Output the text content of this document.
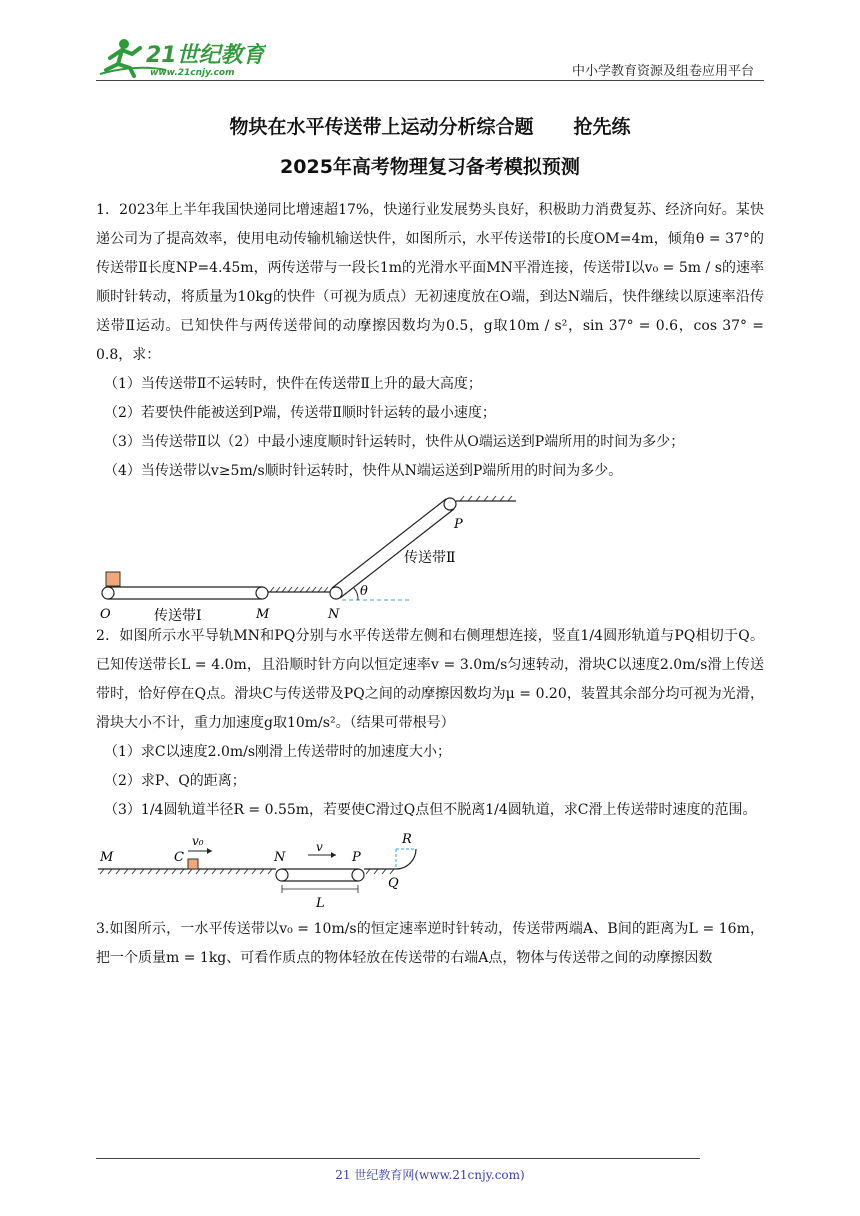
21世纪教育
www.21cnjy.com	中小学教育资源及组卷应用平台
物块在水平传送带上运动分析综合题 抢先练
2025年高考物理复习备考模拟预测

1．2023年上半年我国快递同比增速超17%，快递行业发展势头良好，积极助力消费复苏、经济向好。某快递公司为了提高效率，使用电动传输机输送快件，如图所示，水平传送带Ⅰ的长度OM=4m，倾角θ = 37°的传送带Ⅱ长度NP=4.45m，两传送带与一段长1m的光滑水平面MN平滑连接，传送带Ⅰ以v₀ = 5m / s的速率顺时针转动，将质量为10kg的快件（可视为质点）无初速度放在O端，到达N端后，快件继续以原速率沿传送带Ⅱ运动。已知快件与两传送带间的动摩擦因数均为0.5，g取10m / s²，sin 37° = 0.6，cos 37° = 0.8，求：

（1）当传送带Ⅱ不运转时，快件在传送带Ⅱ上升的最大高度；

（2）若要快件能被送到P端，传送带Ⅱ顺时针运转的最小速度；

（3）当传送带Ⅱ以（2）中最小速度顺时针运转时，快件从O端运送到P端所用的时间为多少；

（4）当传送带以v≥5m/s顺时针运转时，快件从N端运送到P端所用的时间为多少。

O	传送带Ⅰ	M	N
θ
传送带Ⅱ
P

2．如图所示水平导轨MN和PQ分别与水平传送带左侧和右侧理想连接，竖直1/4圆形轨道与PQ相切于Q。已知传送带长L = 4.0m，且沿顺时针方向以恒定速率v = 3.0m/s匀速转动，滑块C以速度2.0m/s滑上传送带时，恰好停在Q点。滑块C与传送带及PQ之间的动摩擦因数均为μ = 0.20，装置其余部分均可视为光滑，滑块大小不计，重力加速度g取10m/s²。（结果可带根号）

（1）求C以速度2.0m/s刚滑上传送带时的加速度大小；

（2）求P、Q的距离；

（3）1/4圆轨道半径R = 0.55m，若要使C滑过Q点但不脱离1/4圆轨道，求C滑上传送带时速度的范围。

M	C
v₀
N
v
P
R
Q
L

3.如图所示，一水平传送带以v₀ = 10m/s的恒定速率逆时针转动，传送带两端A、B间的距离为L = 16m，把一个质量m = 1kg、可看作质点的物体轻放在传送带的右端A点，物体与传送带之间的动摩擦因数

21 世纪教育网(www.21cnjy.com)
